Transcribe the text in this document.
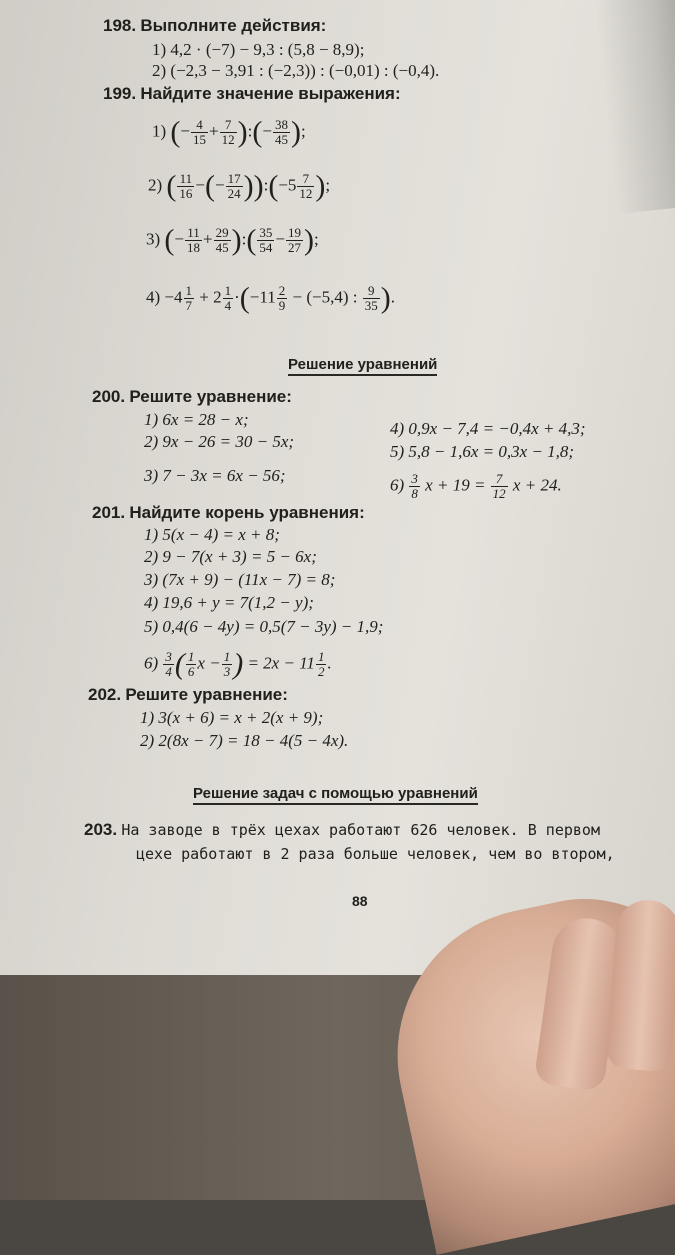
198. Выполните действия:
1) 4,2 · (−7) − 9,3 : (5,8 − 8,9);
2) (−2,3 − 3,91 : (−2,3)) : (−0,01) : (−0,4).
199. Найдите значение выражения:
1) (− $\frac{4}{15} + \frac{7}{12}$ ):(− $\frac{38}{45}$ );
2) ( $\frac{11}{16}$ −(− $\frac{17}{24}$ )):(−5 $\frac{7}{12}$ );
3) (− $\frac{11}{18} + \frac{29}{45}$ ):( $\frac{35}{54} - \frac{19}{27}$ );
$4) -4 \frac{1}{7} + 2 \frac{1}{4} \cdot(-11 \frac{2}{9} - (-5,4)$ : $\frac{9}{35}$ ).
Решение уравнений
200. Решите уравнение:
1) 6x = 28 − x;
2) 9x − 26 = 30 − 5x;
3) 7 − 3x = 6x − 56;
4) 0,9x − 7,4 = −0,4x + 4,3;
5) 5,8 − 1,6x = 0,3x − 1,8;
$6) \frac{3}{8}$ $x + 19 = \frac{7}{12}$ x + 24.
201. Найдите корень уравнения:
1) 5(x − 4) = x + 8;
2) 9 − 7(x + 3) = 5 − 6x;
3) (7x + 9) − (11x − 7) = 8;
4) 19,6 + y = 7(1,2 − y);
5) 0,4(6 − 4y) = 0,5(7 − 3y) − 1,9;
$6) \frac{3}{4}$ ( $\frac{1}{6}$ $x - \frac{1}{3}$ ) = $2x - 11 \frac{1}{2}$ .
202. Решите уравнение:
1) 3(x + 6) = x + 2(x + 9);
2) 2(8x − 7) = 18 − 4(5 − 4x).
Решение задач с помощью уравнений
203. На заводе в трёх цехах работают 626 человек. В первом
цехе работают в 2 раза больше человек, чем во втором,
88
